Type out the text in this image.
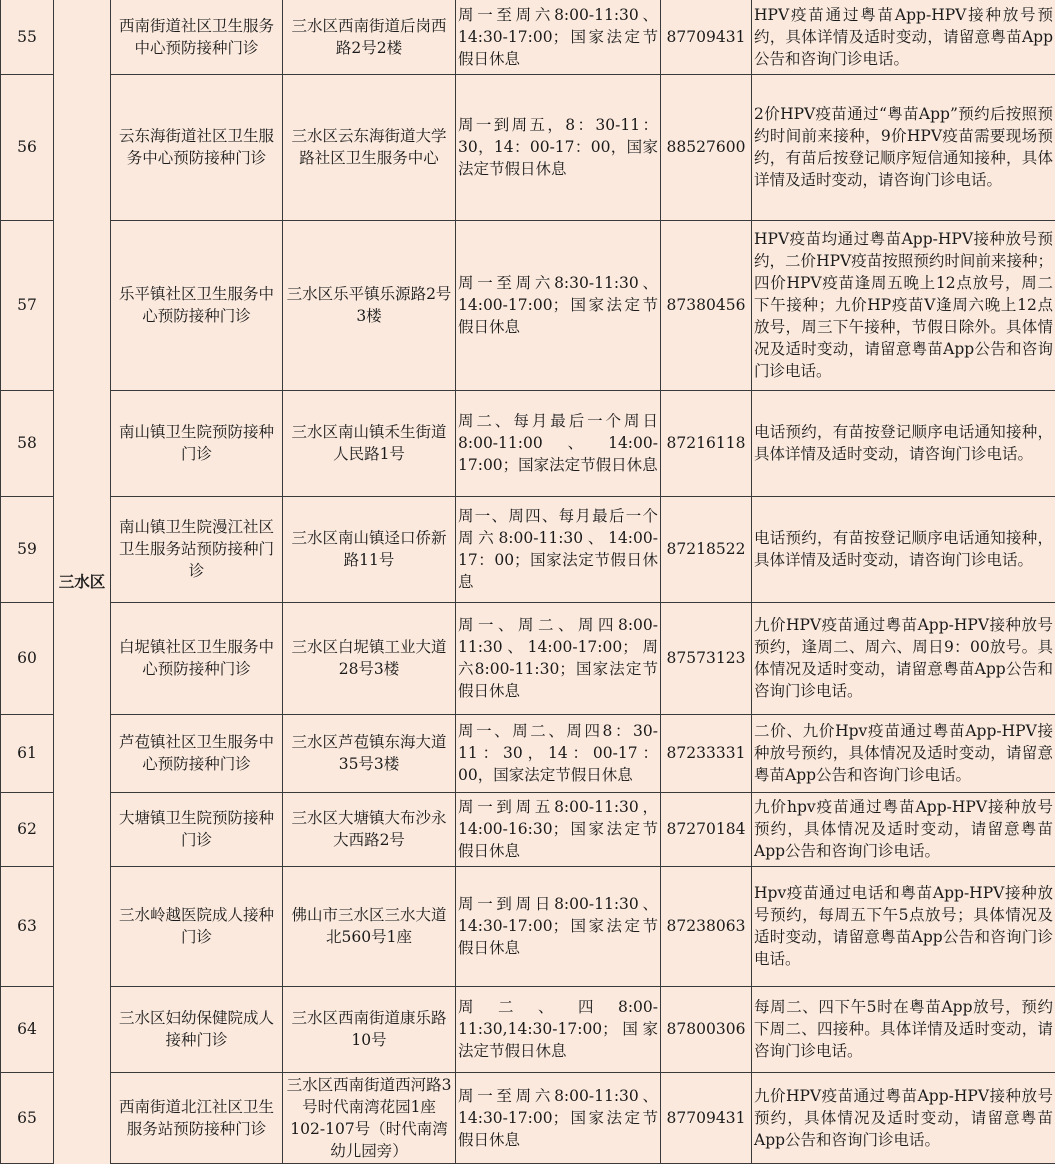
55	三水区	西南街道社区卫生服务中心预防接种门诊	三水区西南街道后岗西路2号2楼	周一至周六8:00-11:30、14:30-17:00；国家法定节假日休息	87709431	HPV疫苗通过粤苗App-HPV接种放号预约，具体详情及适时变动，请留意粤苗App公告和咨询门诊电话。
56		云东海街道社区卫生服务中心预防接种门诊	三水区云东海街道大学路社区卫生服务中心	周一到周五，8：30-11：30，14：00-17：00，国家法定节假日休息	88527600	2价HPV疫苗通过“粤苗App”预约后按照预约时间前来接种，9价HPV疫苗需要现场预约，有苗后按登记顺序短信通知接种，具体详情及适时变动，请咨询门诊电话。
57		乐平镇社区卫生服务中心预防接种门诊	三水区乐平镇乐源路2号3楼	周一至周六8:30-11:30、14:00-17:00；国家法定节假日休息	87380456	HPV疫苗均通过粤苗App-HPV接种放号预约，二价HPV疫苗按照预约时间前来接种；四价HPV疫苗逢周五晚上12点放号，周二下午接种；九价HP疫苗V逢周六晚上12点放号，周三下午接种，节假日除外。具体情况及适时变动，请留意粤苗App公告和咨询门诊电话。
58		南山镇卫生院预防接种门诊	三水区南山镇禾生街道人民路1号	周二、每月最后一个周日8:00-11:00、14:00-17:00；国家法定节假日休息	87216118	电话预约，有苗按登记顺序电话通知接种，具体详情及适时变动，请咨询门诊电话。
59		南山镇卫生院漫江社区卫生服务站预防接种门诊	三水区南山镇迳口侨新路11号	周一、周四、每月最后一个周六8:00-11:30、14:00-17：00；国家法定节假日休息	87218522	电话预约，有苗按登记顺序电话通知接种，具体详情及适时变动，请咨询门诊电话。
60		白坭镇社区卫生服务中心预防接种门诊	三水区白坭镇工业大道28号3楼	周一、周二、周四8:00-11:30、14:00-17:00；周六8:00-11:30；国家法定节假日休息	87573123	九价HPV疫苗通过粤苗App-HPV接种放号预约，逢周二、周六、周日9：00放号。具体情况及适时变动，请留意粤苗App公告和咨询门诊电话。
61		芦苞镇社区卫生服务中心预防接种门诊	三水区芦苞镇东海大道35号3楼	周一、周二、周四8：30-11：30，14：00-17：00，国家法定节假日休息	87233331	二价、九价Hpv疫苗通过粤苗App-HPV接种放号预约，具体情况及适时变动，请留意粤苗App公告和咨询门诊电话。
62		大塘镇卫生院预防接种门诊	三水区大塘镇大布沙永大西路2号	周一到周五8:00-11:30，14:00-16:30；国家法定节假日休息	87270184	九价hpv疫苗通过粤苗App-HPV接种放号预约，具体情况及适时变动，请留意粤苗App公告和咨询门诊电话。
63		三水岭越医院成人接种门诊	佛山市三水区三水大道北560号1座	周一到周日8:00-11:30、14:30-17:00；国家法定节假日休息	87238063	Hpv疫苗通过电话和粤苗App-HPV接种放号预约，每周五下午5点放号；具体情况及适时变动，请留意粤苗App公告和咨询门诊电话。
64		三水区妇幼保健院成人接种门诊	三水区西南街道康乐路10号	周二、四8:00-11:30,14:30-17:00；国家法定节假日休息	87800306	每周二、四下午5时在粤苗App放号，预约下周二、四接种。具体详情及适时变动，请咨询门诊电话。
65		西南街道北江社区卫生服务站预防接种门诊	三水区西南街道西河路3号时代南湾花园1座102-107号（时代南湾幼儿园旁）	周一至周六8:00-11:30、14:30-17:00；国家法定节假日休息	87709431	九价HPV疫苗通过粤苗App-HPV接种放号预约，具体情况及适时变动，请留意粤苗App公告和咨询门诊电话。
